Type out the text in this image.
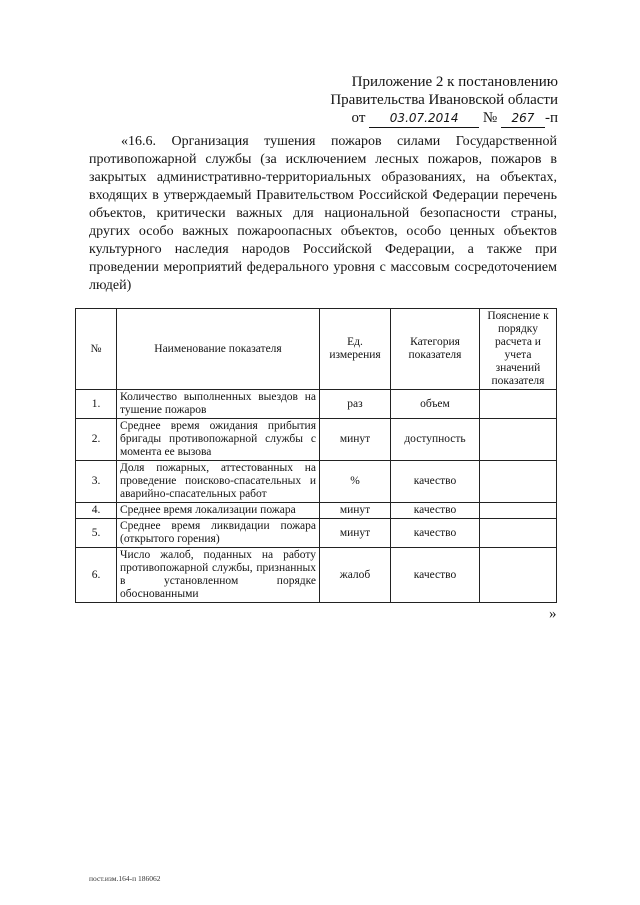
Приложение 2 к постановлению
Правительства Ивановской области
от 03.07.2014 № 267 -п
«16.6. Организация тушения пожаров силами Государственной противопожарной службы (за исключением лесных пожаров, пожаров в закрытых административно-территориальных образованиях, на объектах, входящих в утверждаемый Правительством Российской Федерации перечень объектов, критически важных для национальной безопасности страны, других особо важных пожароопасных объектов, особо ценных объектов культурного наследия народов Российской Федерации, а также при проведении мероприятий федерального уровня с массовым сосредоточением людей)
№	Наименование показателя	Ед. измерения	Категория показателя	Пояснение к порядку расчета и учета значений показателя
1.	Количество выполненных выездов на тушение пожаров	раз	объем	
2.	Среднее время ожидания прибытия бригады противопожарной службы с момента ее вызова	минут	доступность	
3.	Доля пожарных, аттестованных на проведение поисково-спасательных и аварийно-спасательных работ	%	качество	
4.	Среднее время локализации пожара	минут	качество	
5.	Среднее время ликвидации пожара (открытого горения)	минут	качество	
6.	Число жалоб, поданных на работу противопожарной службы, признанных в установленном порядке обоснованными	жалоб	качество	
»
пост.изм.164-п 186062
